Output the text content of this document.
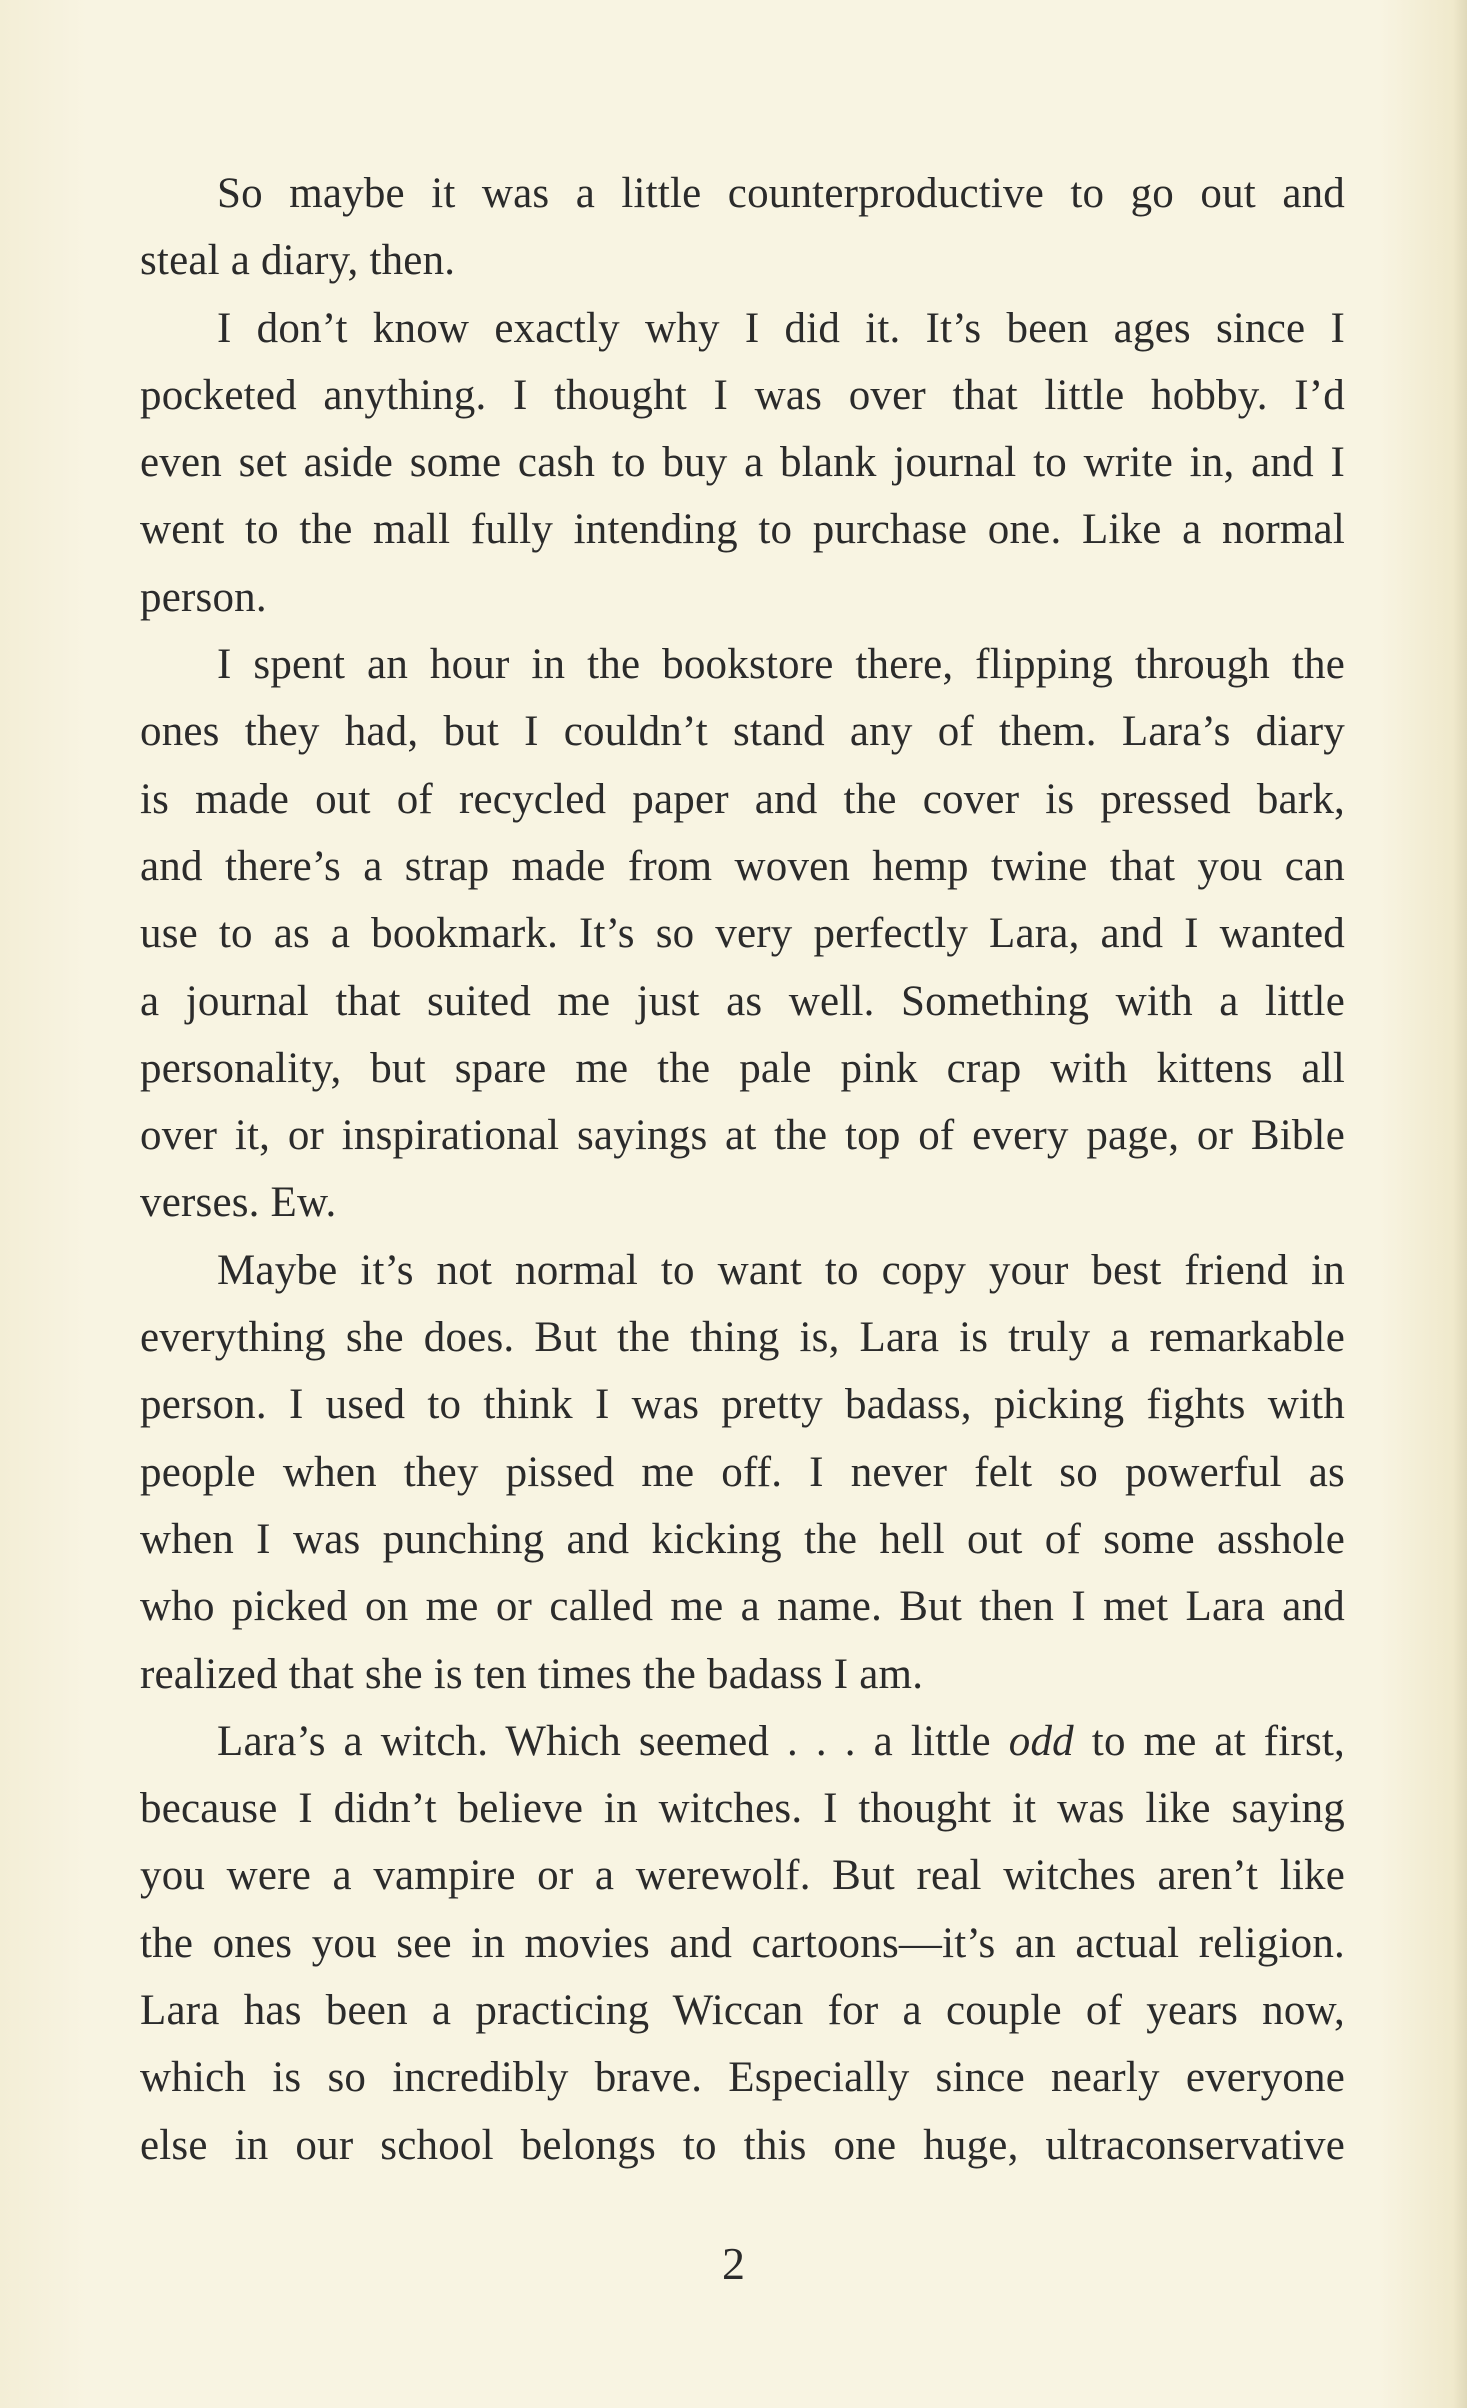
So maybe it was a little counterproductive to go out and
steal a diary, then.
I don’t know exactly why I did it. It’s been ages since I
pocketed anything. I thought I was over that little hobby. I’d
even set aside some cash to buy a blank journal to write in, and I
went to the mall fully intending to purchase one. Like a normal
person.
I spent an hour in the bookstore there, flipping through the
ones they had, but I couldn’t stand any of them. Lara’s diary
is made out of recycled paper and the cover is pressed bark,
and there’s a strap made from woven hemp twine that you can
use to as a bookmark. It’s so very perfectly Lara, and I wanted
a journal that suited me just as well. Something with a little
personality, but spare me the pale pink crap with kittens all
over it, or inspirational sayings at the top of every page, or Bible
verses. Ew.
Maybe it’s not normal to want to copy your best friend in
everything she does. But the thing is, Lara is truly a remarkable
person. I used to think I was pretty badass, picking fights with
people when they pissed me off. I never felt so powerful as
when I was punching and kicking the hell out of some asshole
who picked on me or called me a name. But then I met Lara and
realized that she is ten times the badass I am.
Lara’s a witch. Which seemed . . . a little odd to me at first,
because I didn’t believe in witches. I thought it was like saying
you were a vampire or a werewolf. But real witches aren’t like
the ones you see in movies and cartoons—it’s an actual religion.
Lara has been a practicing Wiccan for a couple of years now,
which is so incredibly brave. Especially since nearly everyone
else in our school belongs to this one huge, ultraconservative
2
